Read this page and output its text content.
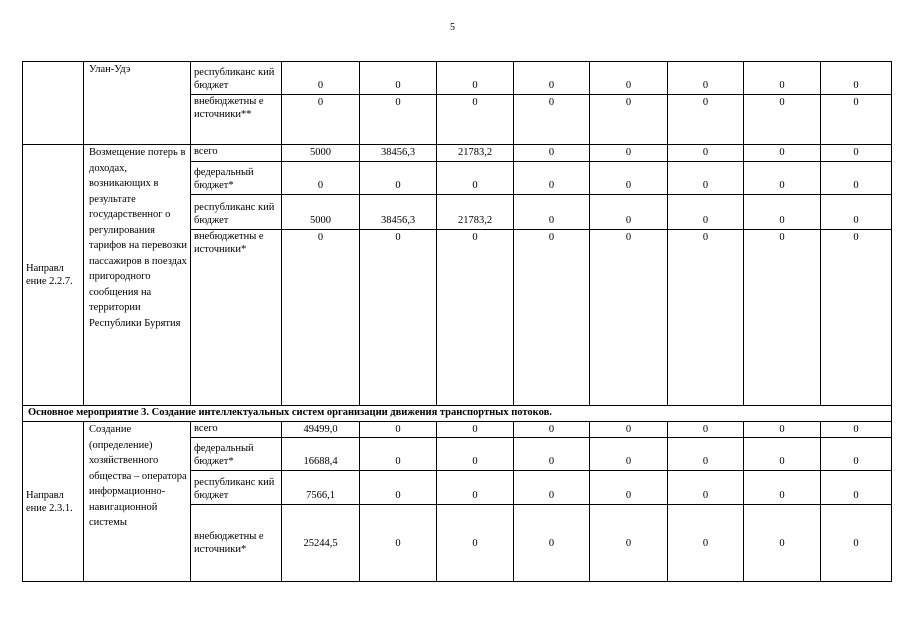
5
	Улан-Удэ	республиканс кий бюджет	0	0	0	0	0	0	0	0
		внебюджетны е источники**	0	0	0	0	0	0	0	0
Направл ение 2.2.7.	Возмещение потерь в доходах, возникающих в результате государственног о регулирования тарифов на перевозки пассажиров в поездах пригородного сообщения на территории Республики Бурятия	всего	5000	38456,3	21783,2	0	0	0	0	0
		федеральный бюджет*	0	0	0	0	0	0	0	0
		республиканс кий бюджет	5000	38456,3	21783,2	0	0	0	0	0
		внебюджетны е источники*	0	0	0	0	0	0	0	0
Основное мероприятие 3. Создание интеллектуальных систем организации движения транспортных потоков.										
Направл ение 2.3.1.	Создание (определение) хозяйственного общества – оператора информационно-навигационной системы	всего	49499,0	0	0	0	0	0	0	0
		федеральный бюджет*	16688,4	0	0	0	0	0	0	0
		республиканс кий бюджет	7566,1	0	0	0	0	0	0	0
		внебюджетны е источники*	25244,5	0	0	0	0	0	0	0
